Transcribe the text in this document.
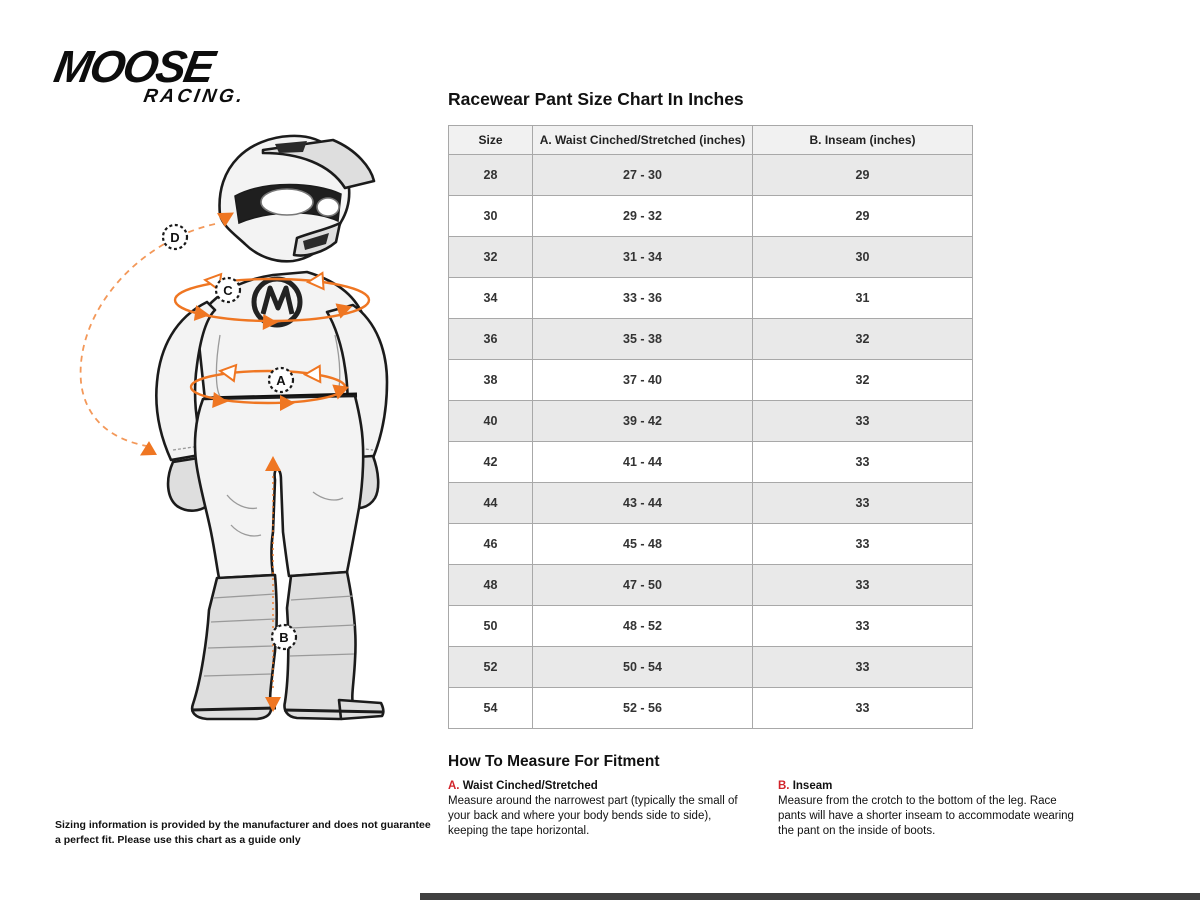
MOOSE
RACING.
D
C
A
B
Racewear Pant Size Chart In Inches
Size	A. Waist Cinched/Stretched (inches)	B. Inseam (inches)
28	27 - 30	29
30	29 - 32	29
32	31 - 34	30
34	33 - 36	31
36	35 - 38	32
38	37 - 40	32
40	39 - 42	33
42	41 - 44	33
44	43 - 44	33
46	45 - 48	33
48	47 - 50	33
50	48 - 52	33
52	50 - 54	33
54	52 - 56	33
How To Measure For Fitment
A. Waist Cinched/Stretched
Measure around the narrowest part (typically the small of your back and where your body bends side to side), keeping the tape horizontal.
B. Inseam
Measure from the crotch to the bottom of the leg. Race pants will have a shorter inseam to accommodate wearing the pant on the inside of boots.
Sizing information is provided by the manufacturer and does not guarantee a perfect fit. Please use this chart as a guide only
